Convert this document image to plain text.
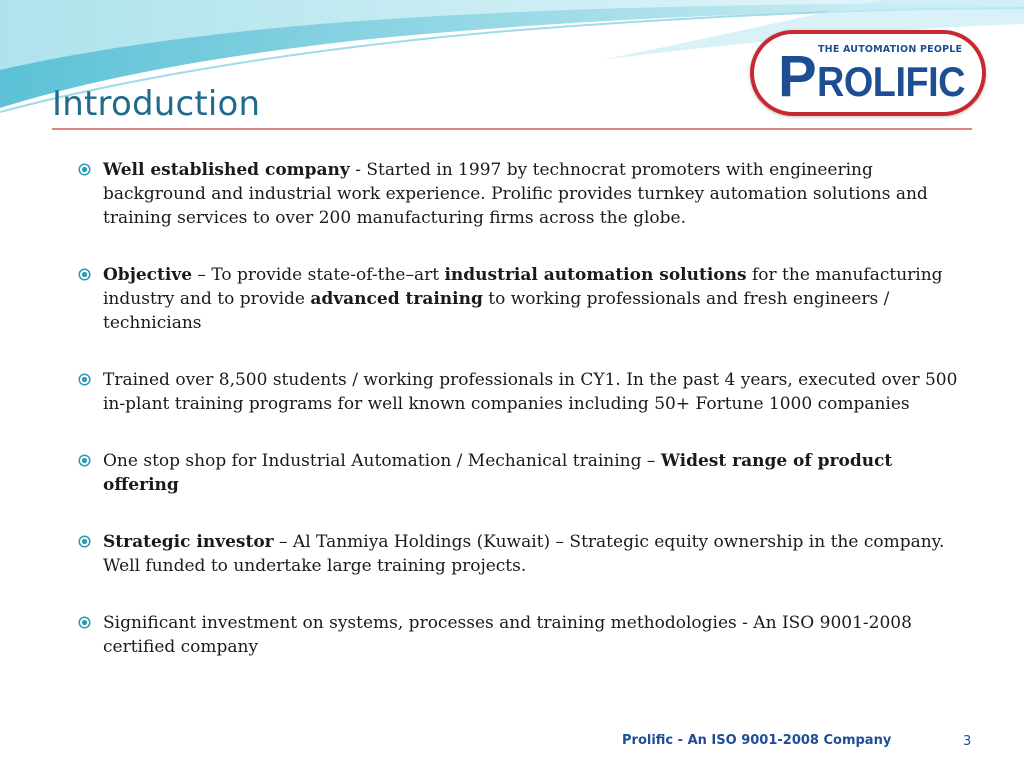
Introduction
THE AUTOMATION PEOPLE
P ROLIFIC
Well established company - Started in 1997 by technocrat promoters with engineering background and industrial work experience. Prolific provides turnkey automation solutions and training services to over 200 manufacturing firms across the globe.
Objective – To provide state-of-the–art industrial automation solutions for the manufacturing industry and to provide advanced training to working professionals and fresh engineers / technicians
Trained over 8,500 students / working professionals in CY1. In the past 4 years, executed over 500 in-plant training programs for well known companies including 50+ Fortune 1000 companies
One stop shop for Industrial Automation / Mechanical training – Widest range of product offering
Strategic investor – Al Tanmiya Holdings (Kuwait) – Strategic equity ownership in the company. Well funded to undertake large training projects.
Significant investment on systems, processes and training methodologies - An ISO 9001-2008 certified company
Prolific - An ISO 9001-2008 Company	3
